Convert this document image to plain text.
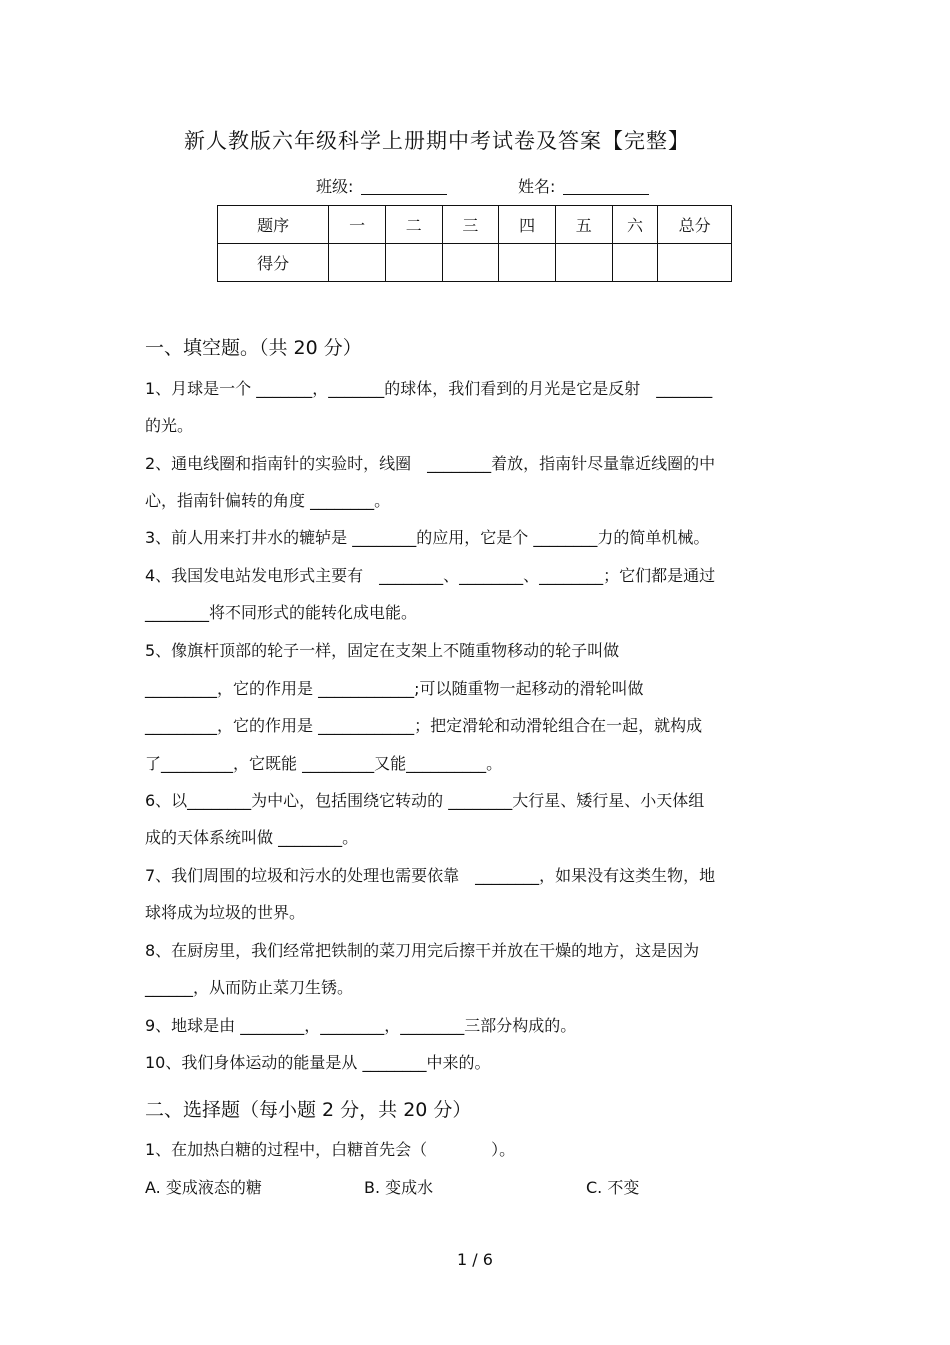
新人教版六年级科学上册期中考试卷及答案【完整】
班级:	姓名:
题序	一	二	三	四	五	六	总分
得分							
一、填空题。（共 20 分）
1、月球是一个 _______，_______的球体，我们看到的月光是它是反射　_______
的光。
2、通电线圈和指南针的实验时，线圈　________着放，指南针尽量靠近线圈的中
心，指南针偏转的角度 ________。
3、前人用来打井水的辘轳是 ________的应用，它是个 ________力的简单机械。
4、我国发电站发电形式主要有　________、________、________；它们都是通过
________将不同形式的能转化成电能。
5、像旗杆顶部的轮子一样，固定在支架上不随重物移动的轮子叫做
_________，它的作用是 ____________;可以随重物一起移动的滑轮叫做
_________，它的作用是 ____________；把定滑轮和动滑轮组合在一起，就构成
了_________，它既能 _________又能__________。
6、以________为中心，包括围绕它转动的 ________大行星、矮行星、小天体组
成的天体系统叫做 ________。
7、我们周围的垃圾和污水的处理也需要依靠　________，如果没有这类生物，地
球将成为垃圾的世界。
8、在厨房里，我们经常把铁制的菜刀用完后擦干并放在干燥的地方，这是因为
______，从而防止菜刀生锈。
9、地球是由 ________，________，________三部分构成的。
10、我们身体运动的能量是从 ________中来的。
二、选择题（每小题 2 分，共 20 分）
1、在加热白糖的过程中，白糖首先会（　　　　）。
A. 变成液态的糖	B. 变成水	C. 不变
1 / 6
